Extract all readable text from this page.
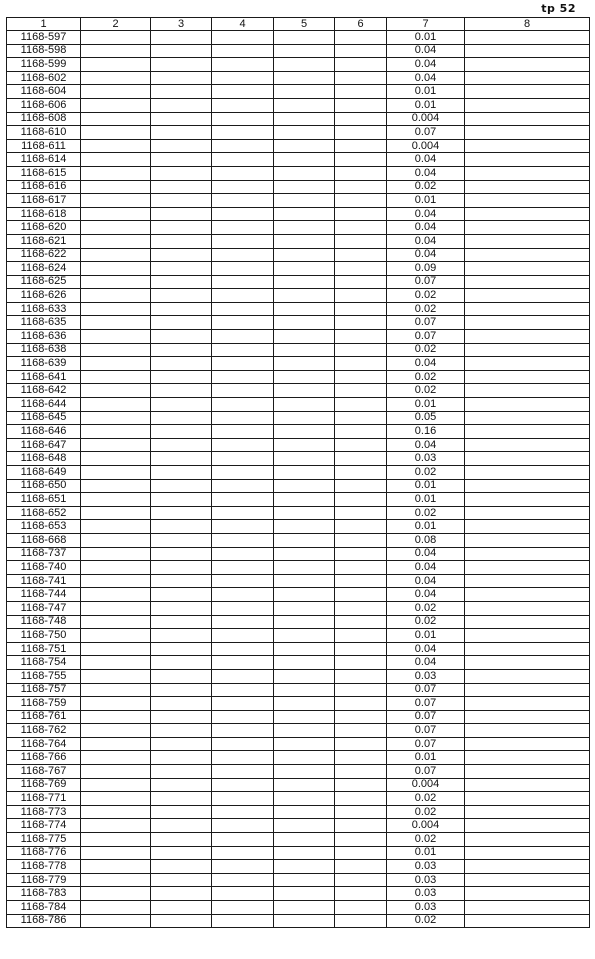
tp 52
1	2	3	4	5	6	7	8
1168-597						0.01	
1168-598						0.04	
1168-599						0.04	
1168-602						0.04	
1168-604						0.01	
1168-606						0.01	
1168-608						0.004	
1168-610						0.07	
1168-611						0.004	
1168-614						0.04	
1168-615						0.04	
1168-616						0.02	
1168-617						0.01	
1168-618						0.04	
1168-620						0.04	
1168-621						0.04	
1168-622						0.04	
1168-624						0.09	
1168-625						0.07	
1168-626						0.02	
1168-633						0.02	
1168-635						0.07	
1168-636						0.07	
1168-638						0.02	
1168-639						0.04	
1168-641						0.02	
1168-642						0.02	
1168-644						0.01	
1168-645						0.05	
1168-646						0.16	
1168-647						0.04	
1168-648						0.03	
1168-649						0.02	
1168-650						0.01	
1168-651						0.01	
1168-652						0.02	
1168-653						0.01	
1168-668						0.08	
1168-737						0.04	
1168-740						0.04	
1168-741						0.04	
1168-744						0.04	
1168-747						0.02	
1168-748						0.02	
1168-750						0.01	
1168-751						0.04	
1168-754						0.04	
1168-755						0.03	
1168-757						0.07	
1168-759						0.07	
1168-761						0.07	
1168-762						0.07	
1168-764						0.07	
1168-766						0.01	
1168-767						0.07	
1168-769						0.004	
1168-771						0.02	
1168-773						0.02	
1168-774						0.004	
1168-775						0.02	
1168-776						0.01	
1168-778						0.03	
1168-779						0.03	
1168-783						0.03	
1168-784						0.03	
1168-786						0.02	
